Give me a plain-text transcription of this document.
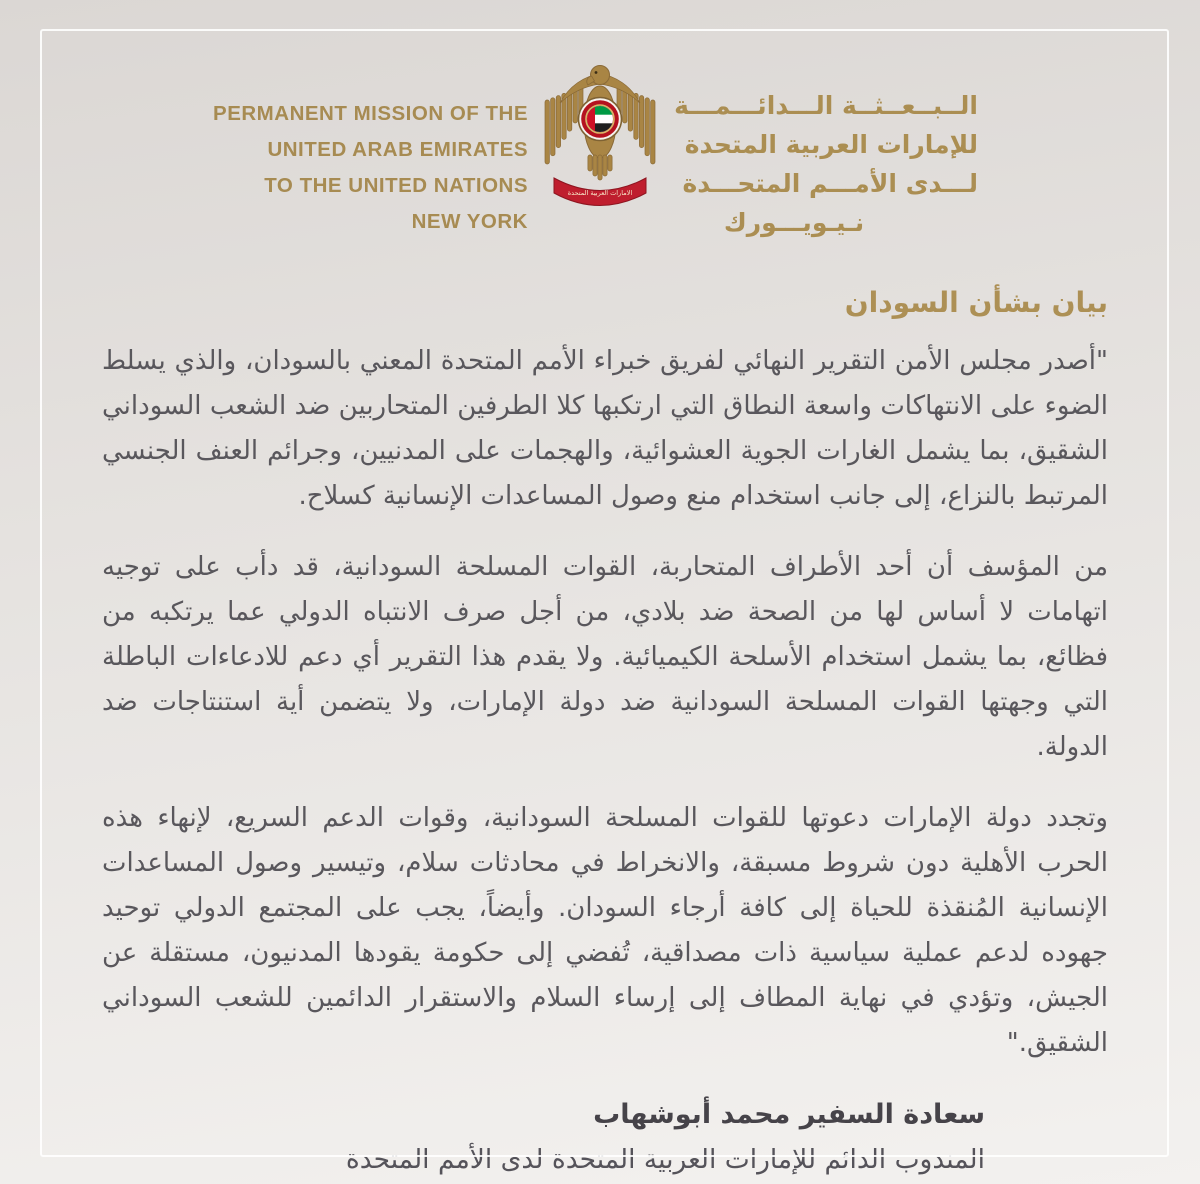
PERMANENT MISSION OF THE
UNITED ARAB EMIRATES
TO THE UNITED NATIONS
NEW YORK
الامارات العربية المتحدة
الــبــعــثــة الـــدائـــمـــة
للإمارات العربية المتحدة
لـــدى الأمـــم المتحـــدة
نـيـويـــورك
بيان بشأن السودان

"أصدر مجلس الأمن التقرير النهائي لفريق خبراء الأمم المتحدة المعني بالسودان، والذي يسلط الضوء على الانتهاكات واسعة النطاق التي ارتكبها كلا الطرفين المتحاربين ضد الشعب السوداني الشقيق، بما يشمل الغارات الجوية العشوائية، والهجمات على المدنيين، وجرائم العنف الجنسي المرتبط بالنزاع، إلى جانب استخدام منع وصول المساعدات الإنسانية كسلاح.

من المؤسف أن أحد الأطراف المتحاربة، القوات المسلحة السودانية، قد دأب على توجيه اتهامات لا أساس لها من الصحة ضد بلادي، من أجل صرف الانتباه الدولي عما يرتكبه من فظائع، بما يشمل استخدام الأسلحة الكيميائية. ولا يقدم هذا التقرير أي دعم للادعاءات الباطلة التي وجهتها القوات المسلحة السودانية ضد دولة الإمارات، ولا يتضمن أية استنتاجات ضد الدولة.

وتجدد دولة الإمارات دعوتها للقوات المسلحة السودانية، وقوات الدعم السريع، لإنهاء هذه الحرب الأهلية دون شروط مسبقة، والانخراط في محادثات سلام، وتيسير وصول المساعدات الإنسانية المُنقذة للحياة إلى كافة أرجاء السودان. وأيضاً، يجب على المجتمع الدولي توحيد جهوده لدعم عملية سياسية ذات مصداقية، تُفضي إلى حكومة يقودها المدنيون، مستقلة عن الجيش، وتؤدي في نهاية المطاف إلى إرساء السلام والاستقرار الدائمين للشعب السوداني الشقيق."

سعادة السفير محمد أبوشهاب
المندوب الدائم للإمارات العربية المتحدة لدى الأمم المتحدة
